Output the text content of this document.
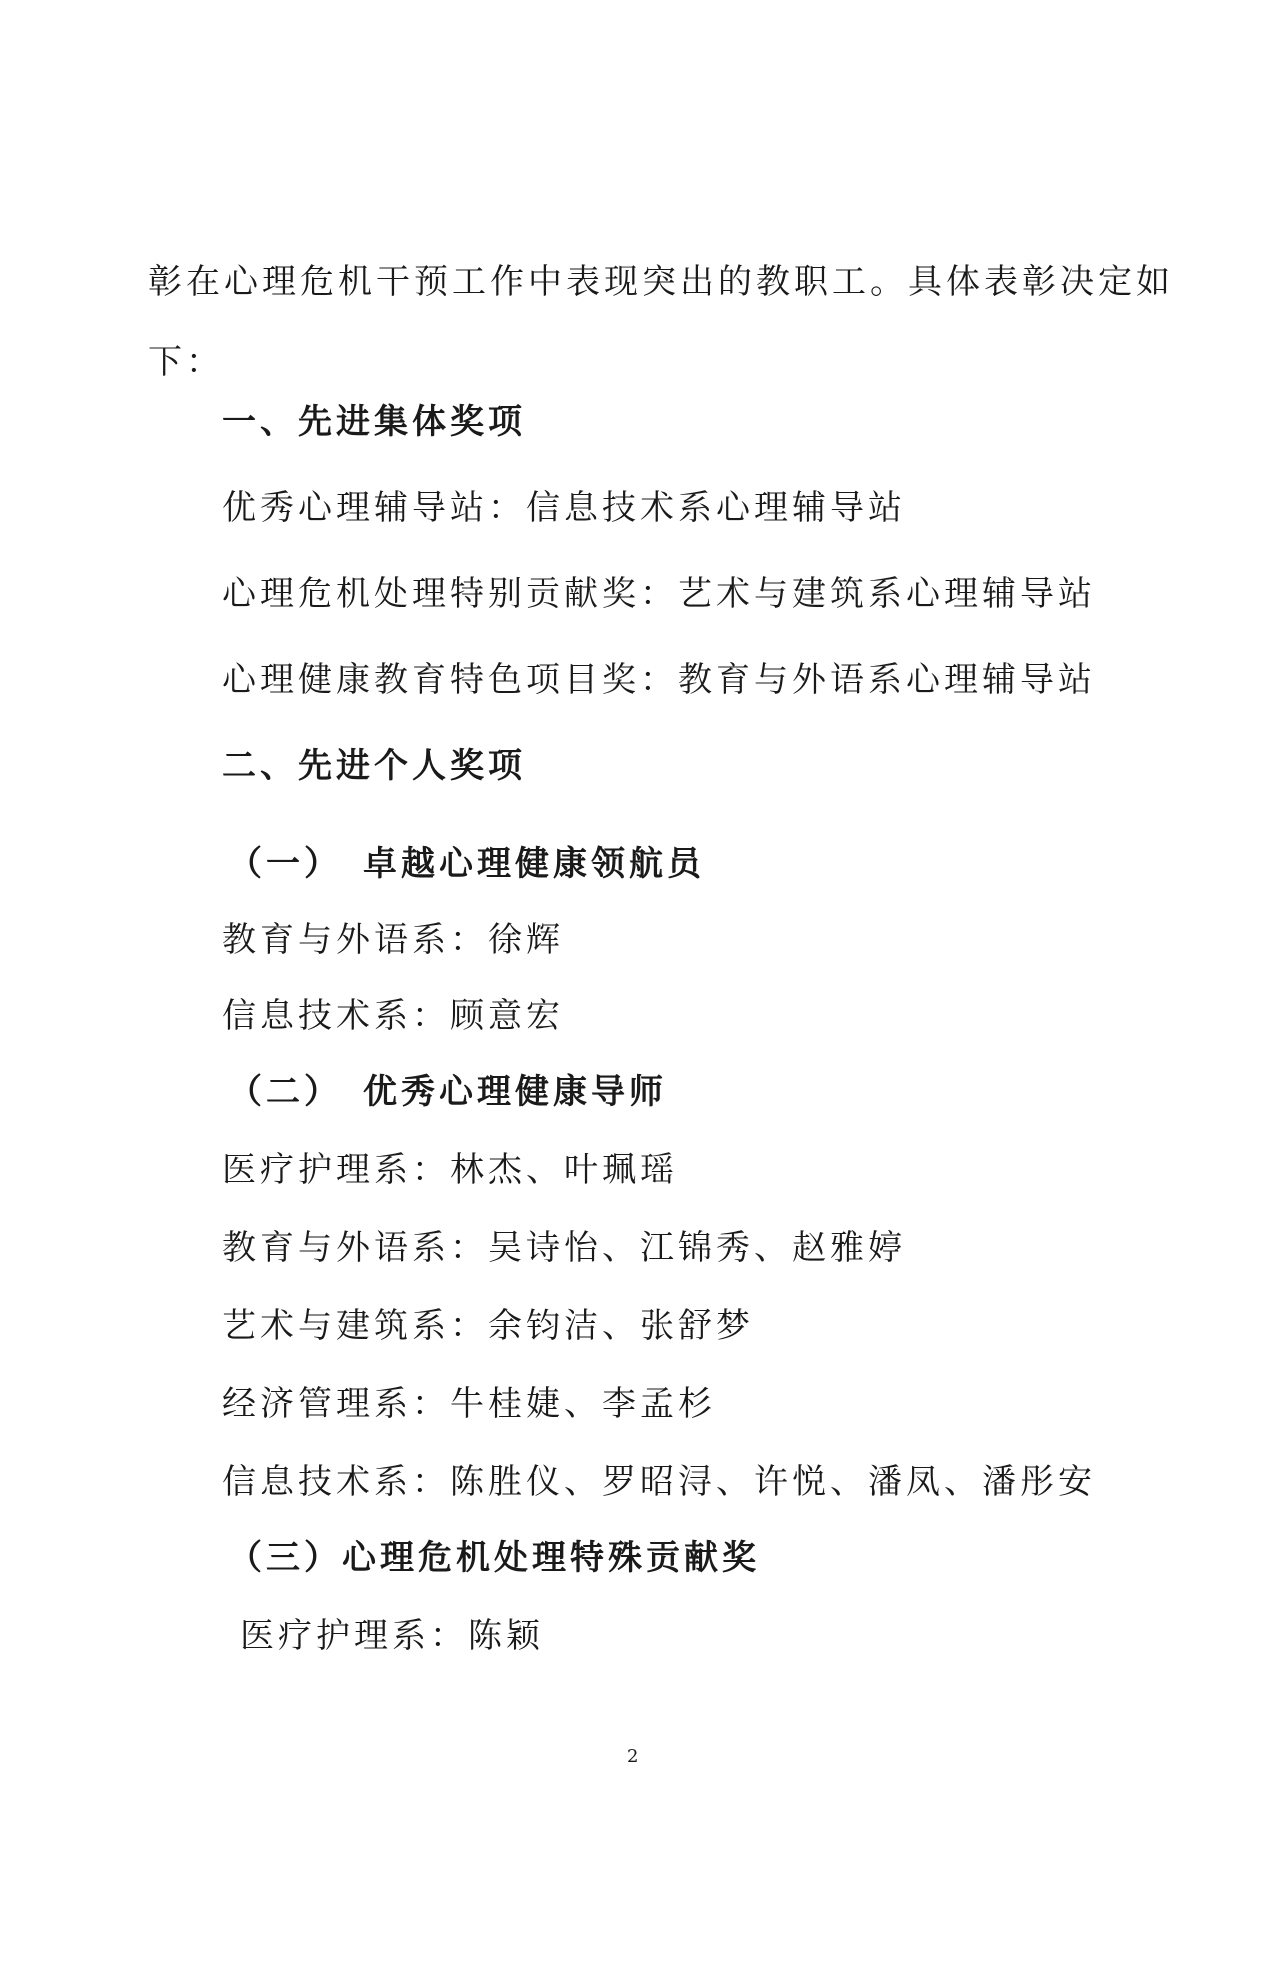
彰在心理危机干预工作中表现突出的教职工。具体表彰决定如
下：
一、先进集体奖项
优秀心理辅导站：信息技术系心理辅导站
心理危机处理特别贡献奖：艺术与建筑系心理辅导站
心理健康教育特色项目奖：教育与外语系心理辅导站
二、先进个人奖项
（一）　卓越心理健康领航员
教育与外语系：徐辉
信息技术系：顾意宏
（二）　优秀心理健康导师
医疗护理系：林杰、叶珮瑶
教育与外语系：吴诗怡、江锦秀、赵雅婷
艺术与建筑系：余钧洁、张舒梦
经济管理系：牛桂婕、李孟杉
信息技术系：陈胜仪、罗昭浔、许悦、潘凤、潘彤安
（三）心理危机处理特殊贡献奖
医疗护理系：陈颖
2
